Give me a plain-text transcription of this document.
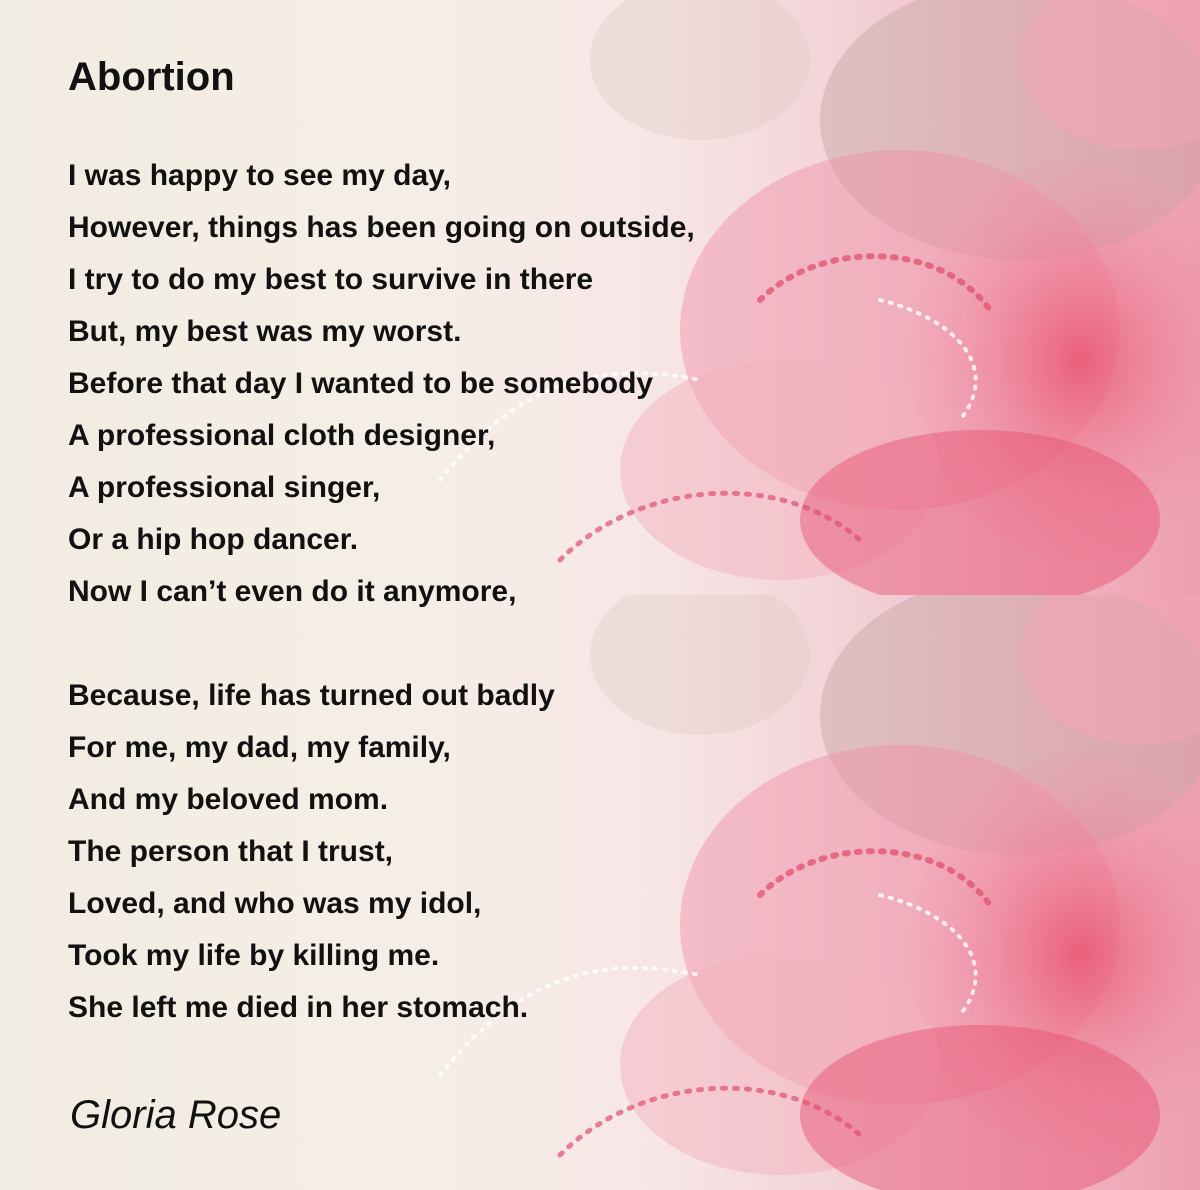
Abortion
I was happy to see my day,
However, things has been going on outside,
I try to do my best to survive in there
But, my best was my worst.
Before that day I wanted to be somebody
A professional cloth designer,
A professional singer,
Or a hip hop dancer.
Now I can’t even do it anymore,
Because, life has turned out badly
For me, my dad, my family,
And my beloved mom.
The person that I trust,
Loved, and who was my idol,
Took my life by killing me.
She left me died in her stomach.
Gloria Rose
